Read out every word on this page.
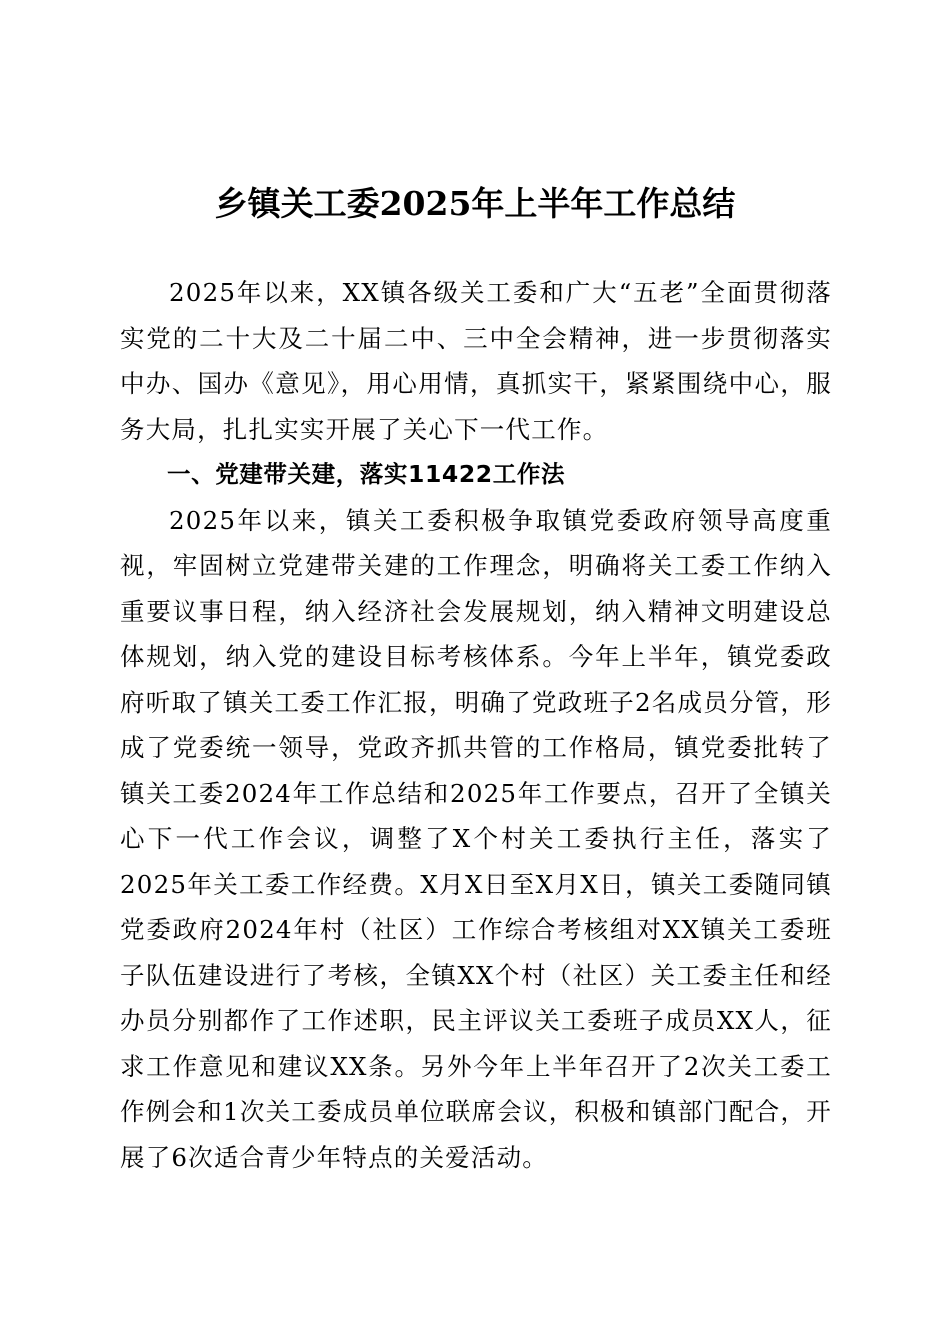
乡镇关工委2025年上半年工作总结

2025年以来，XX镇各级关工委和广大“五老”全面贯彻落实党的二十大及二十届二中、三中全会精神，进一步贯彻落实中办、国办《意见》，用心用情，真抓实干，紧紧围绕中心，服务大局，扎扎实实开展了关心下一代工作。

一、党建带关建，落实11422工作法

2025年以来，镇关工委积极争取镇党委政府领导高度重视，牢固树立党建带关建的工作理念，明确将关工委工作纳入重要议事日程，纳入经济社会发展规划，纳入精神文明建设总体规划，纳入党的建设目标考核体系。今年上半年，镇党委政府听取了镇关工委工作汇报，明确了党政班子2名成员分管，形成了党委统一领导，党政齐抓共管的工作格局，镇党委批转了镇关工委2024年工作总结和2025年工作要点，召开了全镇关心下一代工作会议，调整了X个村关工委执行主任，落实了2025年关工委工作经费。X月X日至X月X日，镇关工委随同镇党委政府2024年村（社区）工作综合考核组对XX镇关工委班子队伍建设进行了考核，全镇XX个村（社区）关工委主任和经办员分别都作了工作述职，民主评议关工委班子成员XX人，征求工作意见和建议XX条。另外今年上半年召开了2次关工委工作例会和1次关工委成员单位联席会议，积极和镇部门配合，开展了6次适合青少年特点的关爱活动。
